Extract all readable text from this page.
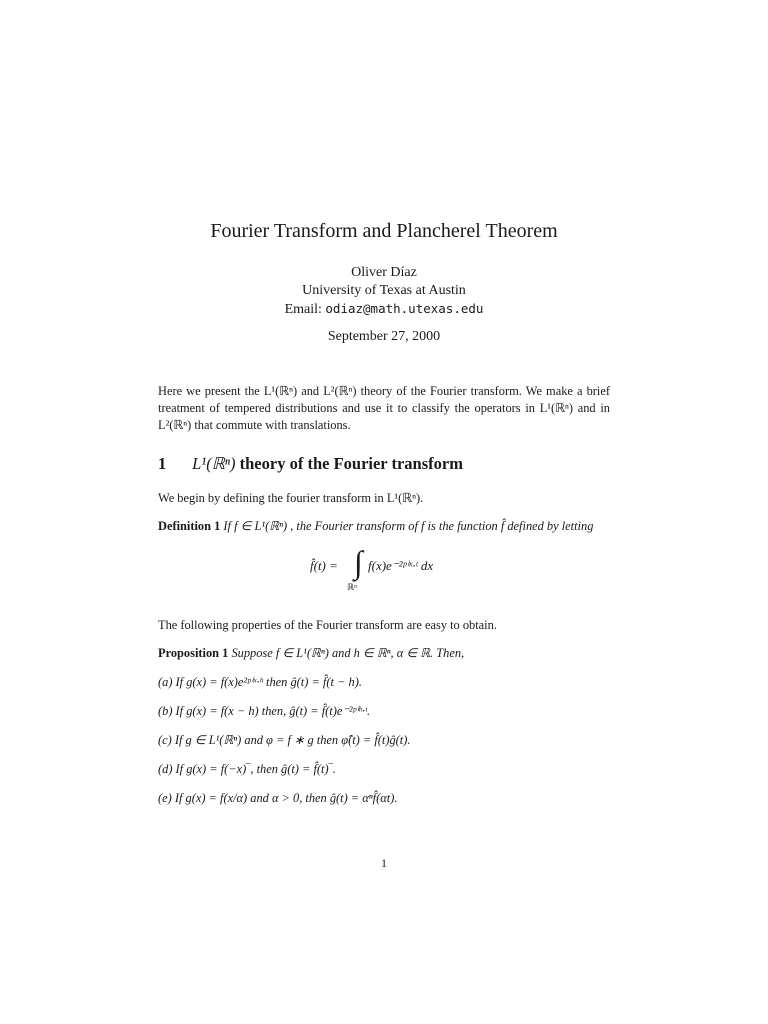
Fourier Transform and Plancherel Theorem
Oliver Díaz
University of Texas at Austin
Email: odiaz@math.utexas.edu
September 27, 2000
Here we present the L¹(ℝⁿ) and L²(ℝⁿ) theory of the Fourier transform. We make a brief treatment of tempered distributions and use it to classify the operators in L¹(ℝⁿ) and in L²(ℝⁿ) that commute with translations.
1 L¹(ℝⁿ) theory of the Fourier transform
We begin by defining the fourier transform in L¹(ℝⁿ).
Definition 1 If f ∈ L¹(ℝⁿ) , the Fourier transform of f is the function f̂ defined by letting
f̂(t) = ∫ f(x)e⁻²ᵖⁱˣ·ᵗ dx
ℝⁿ
The following properties of the Fourier transform are easy to obtain.
Proposition 1 Suppose f ∈ L¹(ℝⁿ) and h ∈ ℝⁿ, α ∈ ℝ. Then,
(a) If g(x) = f(x)e²ᵖⁱˣ·ʰ then ĝ(t) = f̂(t − h).
(b) If g(x) = f(x − h) then, ĝ(t) = f̂(t)e⁻²ᵖⁱʰ·ᵗ.
(c) If g ∈ L¹(ℝⁿ) and φ = f ∗ g then φ̂(t) = f̂(t)ĝ(t).
(d) If g(x) = f(−x)‾, then ĝ(t) = f̂(t)‾.
(e) If g(x) = f(x/α) and α > 0, then ĝ(t) = αⁿf̂(αt).
1
